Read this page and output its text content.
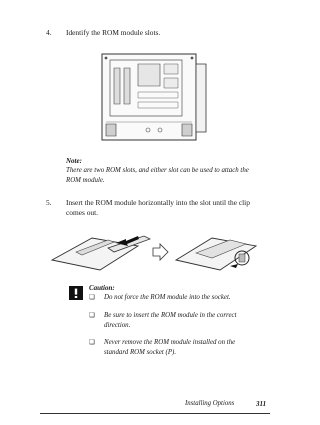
4. Identify the ROM module slots.
Note:
There are two ROM slots, and either slot can be used to attach the
ROM module.
5. Insert the ROM module horizontally into the slot until the clip
comes out.
Caution:
❏ Do not force the ROM module into the socket.
❏ Be sure to insert the ROM module in the correct
direction.
❏ Never remove the ROM module installed on the
standard ROM socket (P).
Installing Options	311
